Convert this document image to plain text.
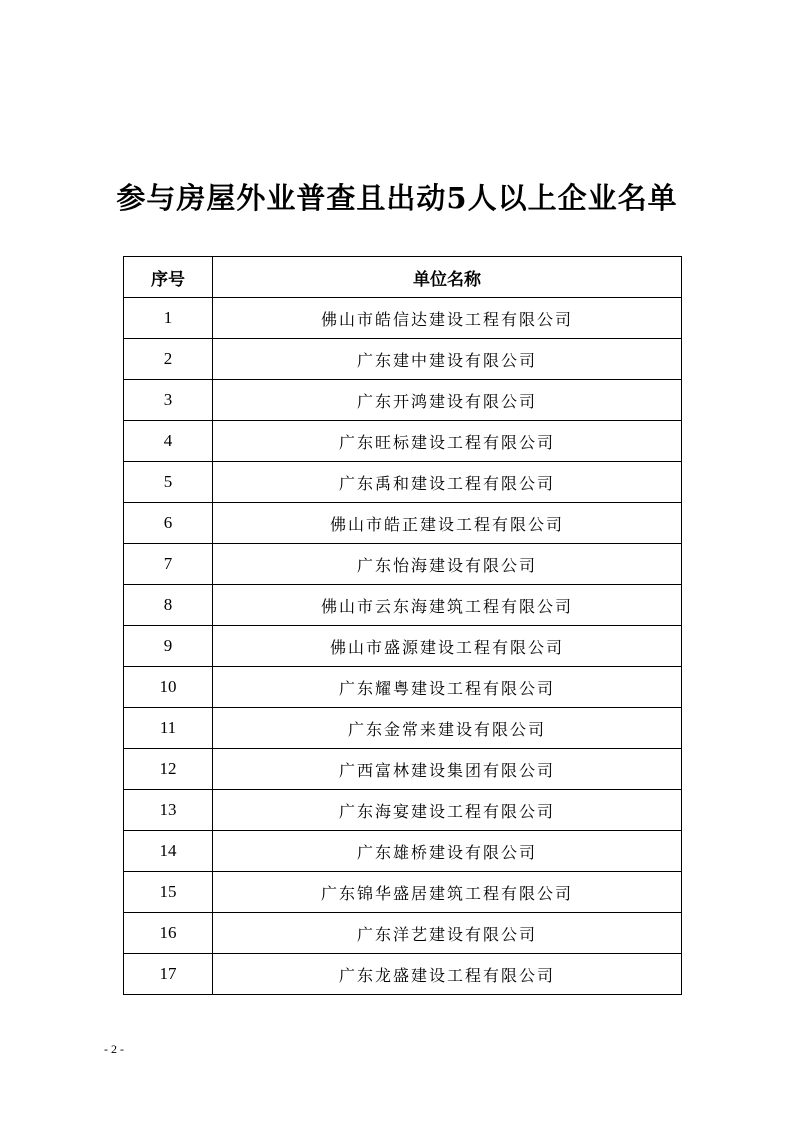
参与房屋外业普查且出动5人以上企业名单
序号	单位名称
1	佛山市皓信达建设工程有限公司
2	广东建中建设有限公司
3	广东开鸿建设有限公司
4	广东旺标建设工程有限公司
5	广东禹和建设工程有限公司
6	佛山市皓正建设工程有限公司
7	广东怡海建设有限公司
8	佛山市云东海建筑工程有限公司
9	佛山市盛源建设工程有限公司
10	广东耀粤建设工程有限公司
11	广东金常来建设有限公司
12	广西富林建设集团有限公司
13	广东海宴建设工程有限公司
14	广东雄桥建设有限公司
15	广东锦华盛居建筑工程有限公司
16	广东洋艺建设有限公司
17	广东龙盛建设工程有限公司
- 2 -
